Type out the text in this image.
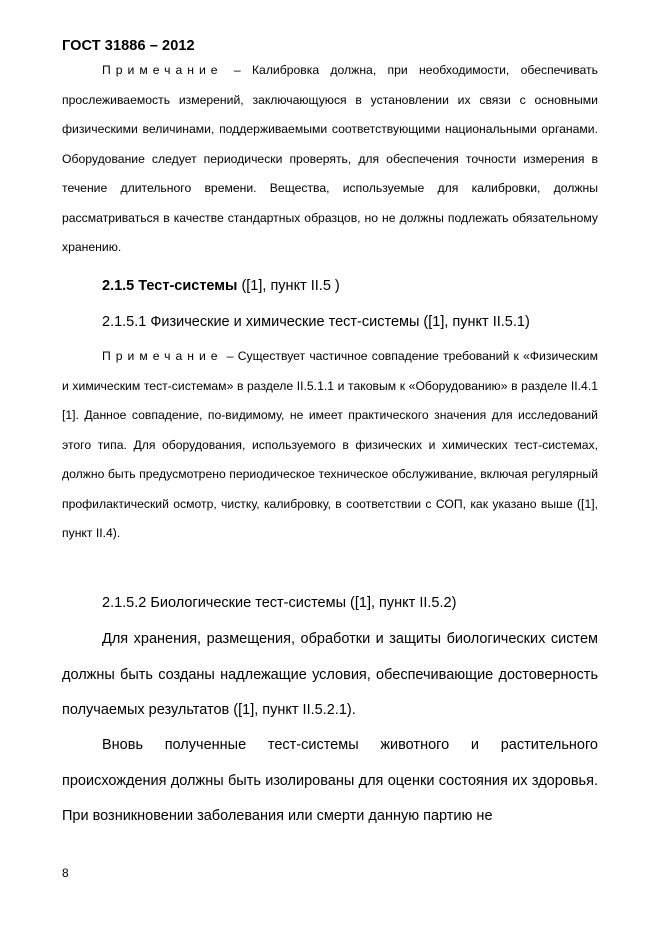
ГОСТ 31886 – 2012

Примечание – Калибровка должна, при необходимости, обеспечивать прослеживаемость измерений, заключающуюся в установлении их связи с основными физическими величинами, поддерживаемыми соответствующими национальными органами. Оборудование следует периодически проверять, для обеспечения точности измерения в течение длительного времени. Вещества, используемые для калибровки, должны рассматриваться в качестве стандартных образцов, но не должны подлежать обязательному хранению.

2.1.5 Тест-системы ([1], пункт II.5 )
2.1.5.1 Физические и химические тест-системы ([1], пункт II.5.1)

Примечание – Существует частичное совпадение требований к «Физическим и химическим тест-системам» в разделе II.5.1.1 и таковым к «Оборудованию» в разделе II.4.1 [1]. Данное совпадение, по-видимому, не имеет практического значения для исследований этого типа. Для оборудования, используемого в физических и химических тест-системах, должно быть предусмотрено периодическое техническое обслуживание, включая регулярный профилактический осмотр, чистку, калибровку, в соответствии с СОП, как указано выше ([1], пункт II.4).

2.1.5.2 Биологические тест-системы ([1], пункт II.5.2)

Для хранения, размещения, обработки и защиты биологических систем должны быть созданы надлежащие условия, обеспечивающие достоверность получаемых результатов ([1], пункт II.5.2.1).

Вновь полученные тест-системы животного и растительного происхождения должны быть изолированы для оценки состояния их здоровья. При возникновении заболевания или смерти данную партию не

8
